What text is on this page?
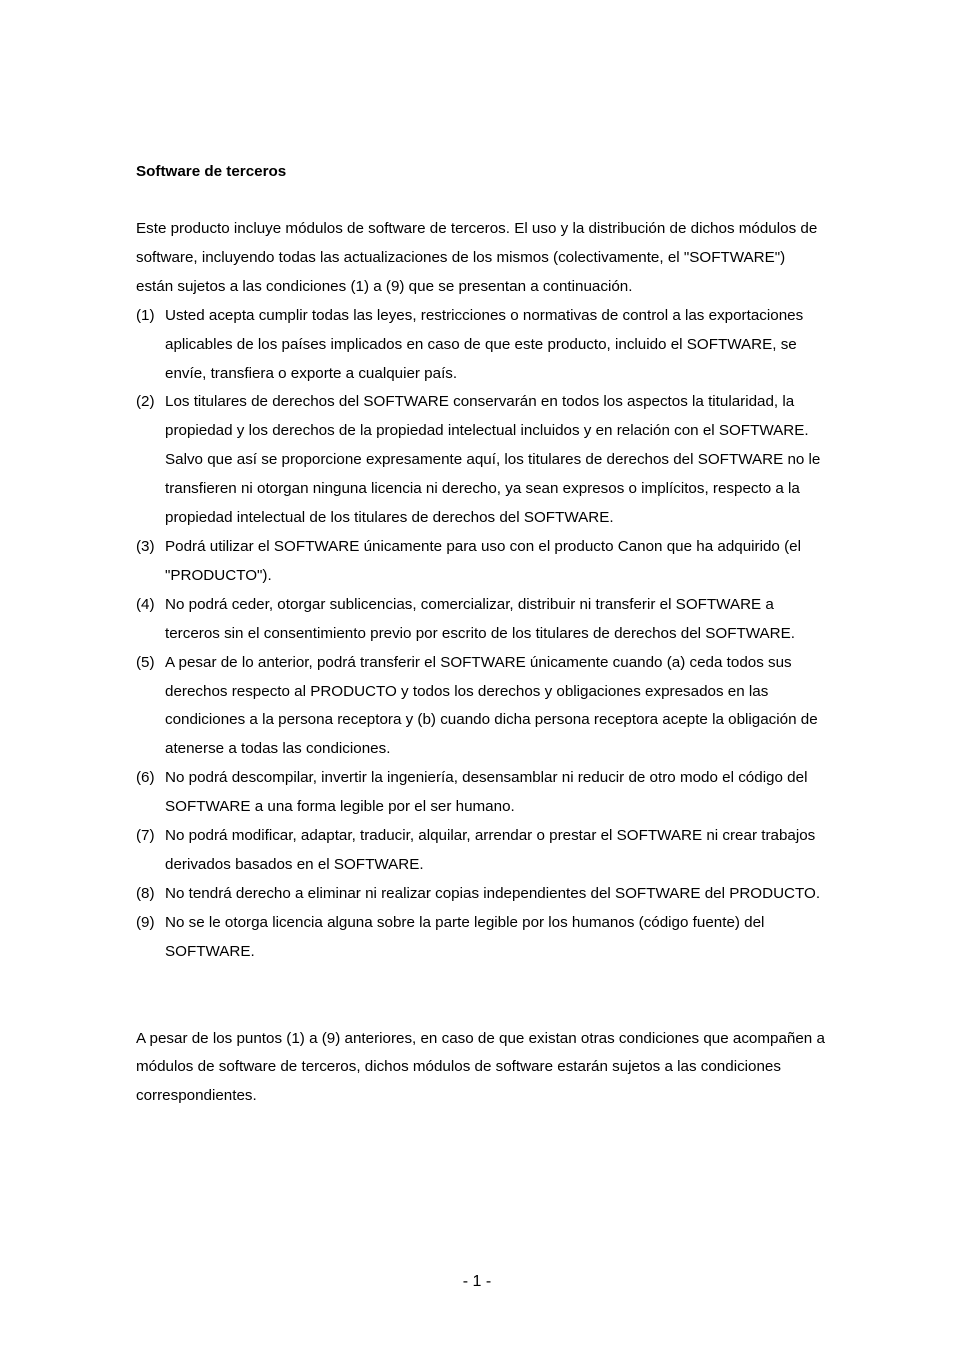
Software de terceros

Este producto incluye módulos de software de terceros. El uso y la distribución de dichos módulos de software, incluyendo todas las actualizaciones de los mismos (colectivamente, el "SOFTWARE") están sujetos a las condiciones (1) a (9) que se presentan a continuación.

(1) Usted acepta cumplir todas las leyes, restricciones o normativas de control a las exportaciones aplicables de los países implicados en caso de que este producto, incluido el SOFTWARE, se envíe, transfiera o exporte a cualquier país.
(2) Los titulares de derechos del SOFTWARE conservarán en todos los aspectos la titularidad, la propiedad y los derechos de la propiedad intelectual incluidos y en relación con el SOFTWARE. Salvo que así se proporcione expresamente aquí, los titulares de derechos del SOFTWARE no le transfieren ni otorgan ninguna licencia ni derecho, ya sean expresos o implícitos, respecto a la propiedad intelectual de los titulares de derechos del SOFTWARE.
(3) Podrá utilizar el SOFTWARE únicamente para uso con el producto Canon que ha adquirido (el "PRODUCTO").
(4) No podrá ceder, otorgar sublicencias, comercializar, distribuir ni transferir el SOFTWARE a terceros sin el consentimiento previo por escrito de los titulares de derechos del SOFTWARE.
(5) A pesar de lo anterior, podrá transferir el SOFTWARE únicamente cuando (a) ceda todos sus derechos respecto al PRODUCTO y todos los derechos y obligaciones expresados en las condiciones a la persona receptora y (b) cuando dicha persona receptora acepte la obligación de atenerse a todas las condiciones.
(6) No podrá descompilar, invertir la ingeniería, desensamblar ni reducir de otro modo el código del SOFTWARE a una forma legible por el ser humano.
(7) No podrá modificar, adaptar, traducir, alquilar, arrendar o prestar el SOFTWARE ni crear trabajos derivados basados en el SOFTWARE.
(8) No tendrá derecho a eliminar ni realizar copias independientes del SOFTWARE del PRODUCTO.
(9) No se le otorga licencia alguna sobre la parte legible por los humanos (código fuente) del SOFTWARE.

A pesar de los puntos (1) a (9) anteriores, en caso de que existan otras condiciones que acompañen a módulos de software de terceros, dichos módulos de software estarán sujetos a las condiciones correspondientes.

- 1 -
